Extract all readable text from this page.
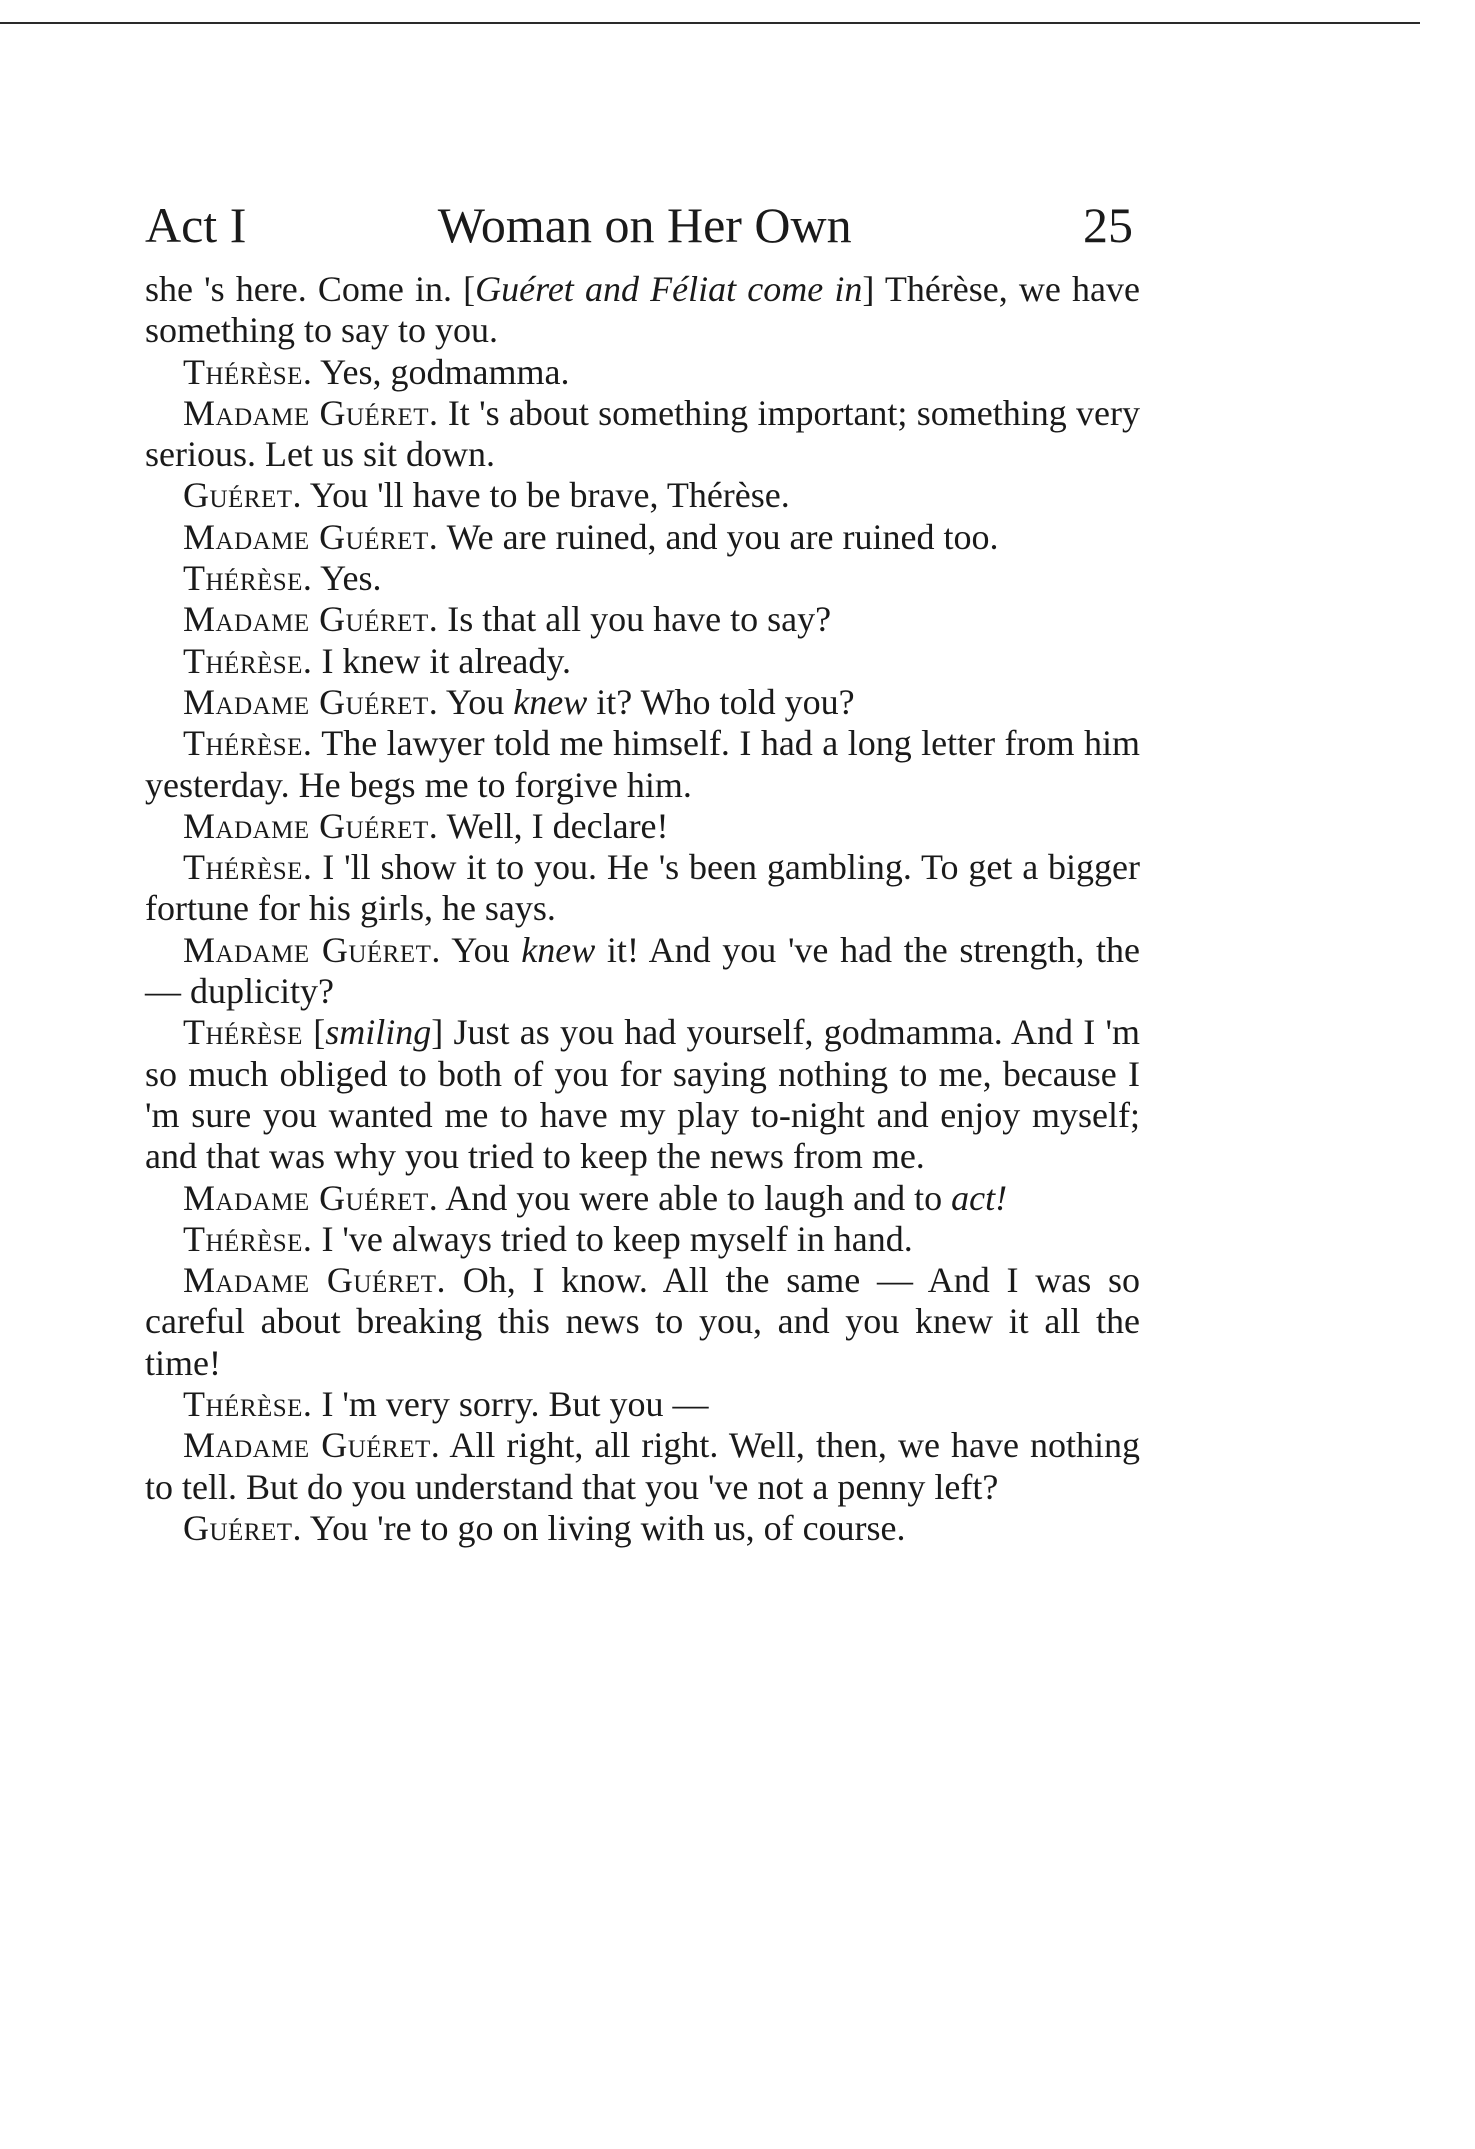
Act I	Woman on Her Own	25

she 's here. Come in. [Guéret and Féliat come in] Thérèse, we have something to say to you.

Thérèse. Yes, godmamma.

Madame Guéret. It 's about something important; something very serious. Let us sit down.

Guéret. You 'll have to be brave, Thérèse.

Madame Guéret. We are ruined, and you are ruined too.

Thérèse. Yes.

Madame Guéret. Is that all you have to say?

Thérèse. I knew it already.

Madame Guéret. You knew it? Who told you?

Thérèse. The lawyer told me himself. I had a long letter from him yesterday. He begs me to forgive him.

Madame Guéret. Well, I declare!

Thérèse. I 'll show it to you. He 's been gambling. To get a bigger fortune for his girls, he says.

Madame Guéret. You knew it! And you 've had the strength, the — duplicity?

Thérèse [smiling] Just as you had yourself, godmamma. And I 'm so much obliged to both of you for saying nothing to me, because I 'm sure you wanted me to have my play to-night and enjoy myself; and that was why you tried to keep the news from me.

Madame Guéret. And you were able to laugh and to act!

Thérèse. I 've always tried to keep myself in hand.

Madame Guéret. Oh, I know. All the same — And I was so careful about breaking this news to you, and you knew it all the time!

Thérèse. I 'm very sorry. But you —

Madame Guéret. All right, all right. Well, then, we have nothing to tell. But do you understand that you 've not a penny left?

Guéret. You 're to go on living with us, of course.
